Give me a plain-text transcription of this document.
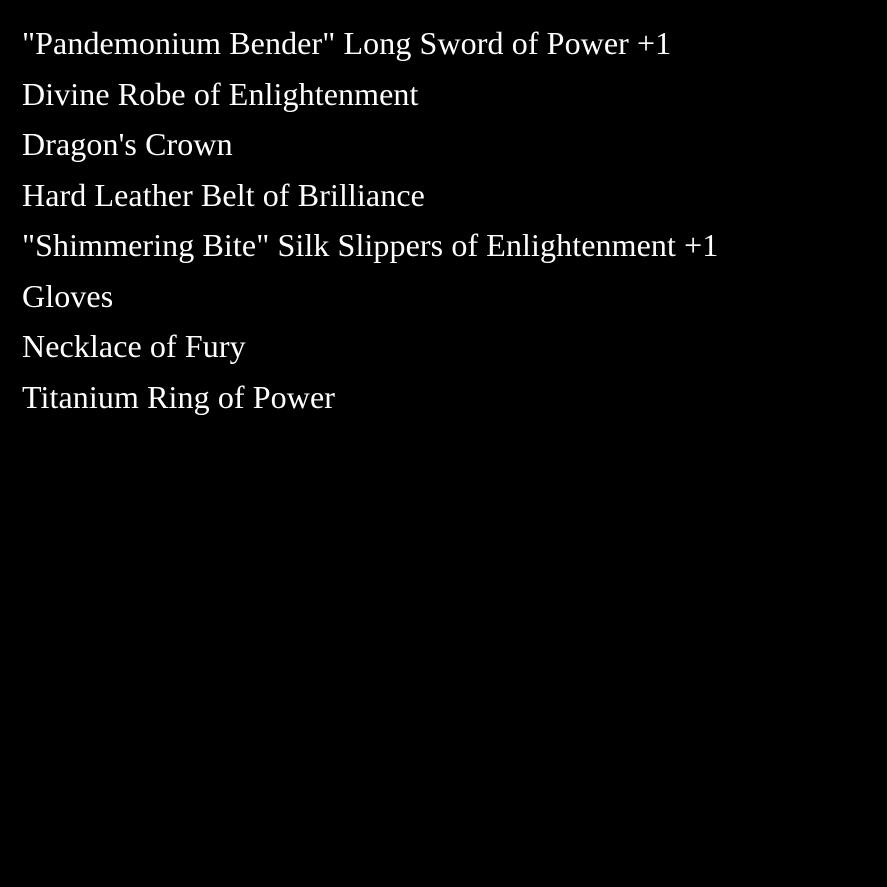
"Pandemonium Bender" Long Sword of Power +1
Divine Robe of Enlightenment
Dragon's Crown
Hard Leather Belt of Brilliance
"Shimmering Bite" Silk Slippers of Enlightenment +1
Gloves
Necklace of Fury
Titanium Ring of Power
